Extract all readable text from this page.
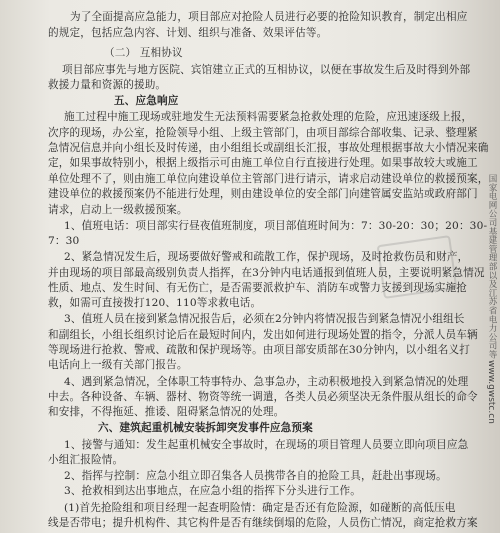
为了全面提高应急能力，项目部应对抢险人员进行必要的抢险知识教育，制定出相应
的规定，包括应急内容、计划、组织与准备、效果评估等。
（二） 互相协议
项目部应事先与地方医院、宾馆建立正式的互相协议，以便在事故发生后及时得到外部
救援力量和资源的援助。
五、应急响应
施工过程中施工现场或驻地发生无法预料需要紧急抢救处理的危险，应迅速逐级上报，
次序的现场，办公室，抢险领导小组、上级主管部门，由项目部综合部收集、记录、整理紧
急情况信息并向小组长及时传递，由小组组长或副组长汇报，事故处理根据事故大小情况来确
定，如果事故特别小，根据上级指示可由施工单位自行直接进行处理。如果事故较大或施工
单位处理不了，则由施工单位向建设单位主管部门进行请示，请求启动建设单位的救援预案，
建设单位的救援预案仍不能进行处理，则由建设单位的安全部门向建管属安监站或政府部门
请求，启动上一级救援预案。
1、值班电话：项目部实行昼夜值班制度，项目部值班时间为：7：30-20：30；20：30-
7：30
2、紧急情况发生后，现场要做好警戒和疏散工作，保护现场，及时抢救伤员和财产，
并由现场的项目部最高级别负责人指挥，在3分钟内电话通报到值班人员，主要说明紧急情况
性质、地点、发生时间、有无伤亡，是否需要派救护车、消防车或警力支援到现场实施抢
救，如需可直接拨打120、110等求救电话。
3、值班人员在接到紧急情况报告后，必须在2分钟内将情况报告到紧急情况小组组长
和副组长，小组长组织讨论后在最短时间内，发出如何进行现场处置的指令，分派人员车辆
等现场进行抢救、警戒、疏散和保护现场等。由项目部安质部在30分钟内，以小组名义打
电话向上一级有关部门报告。
4、遇到紧急情况，全体职工特事特办、急事急办，主动积极地投入到紧急情况的处理
中去。各种设备、车辆、器材、物资等统一调遣，各类人员必须坚决无条件服从组长的命令
和安排，不得拖延、推诿、阻碍紧急情况的处理。
六、建筑起重机械安装拆卸突发事件应急预案
1、接警与通知：发生起重机械安全事故时，在现场的项目管理人员要立即向项目应急
小组汇报险情。
2、指挥与控制：应急小组立即召集各人员携带各自的抢险工具，赶赴出事现场。
3、抢救相到达出事地点，在应急小组的指挥下分头进行工作。
(1)首先抢险组和项目经理一起查明险情：确定是否还有危险源，如碰断的高低压电
线是否带电；提升机构件、其它构件是否有继续倒塌的危险，人员伤亡情况，商定抢救方案
国家电网公司基建管理部以及江苏省电力公司等
www.gwstc.cn
